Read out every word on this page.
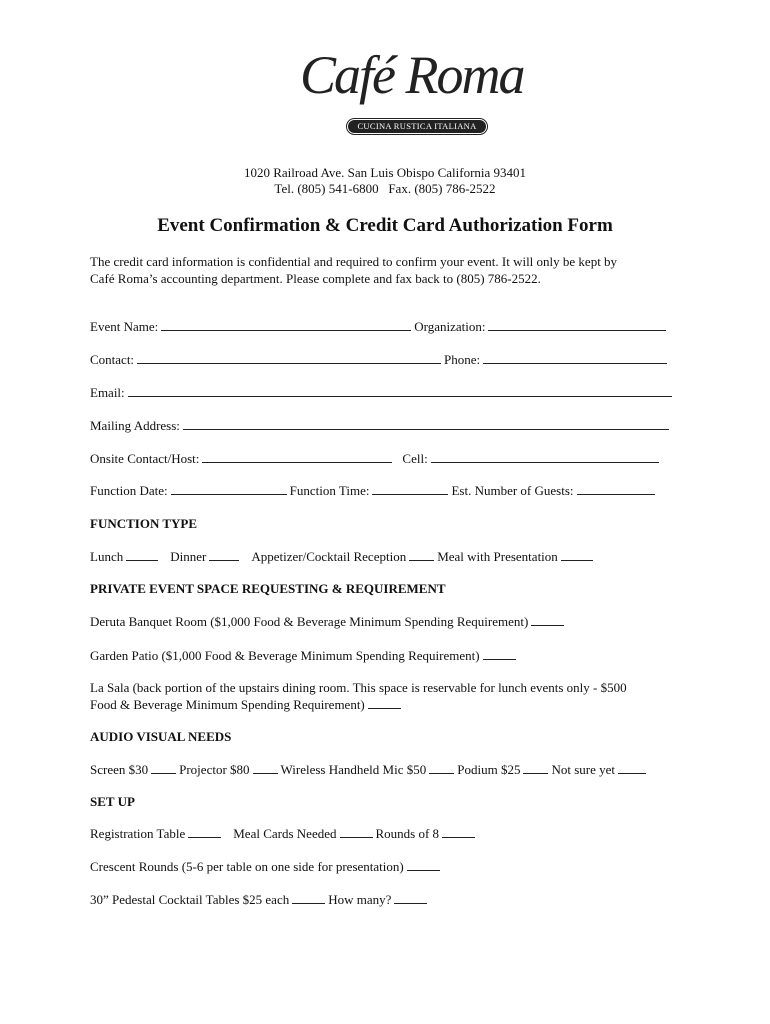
Café Roma
CUCINA RUSTICA ITALIANA
1020 Railroad Ave. San Luis Obispo California 93401
Tel. (805) 541-6800   Fax. (805) 786-2522
Event Confirmation & Credit Card Authorization Form
The credit card information is confidential and required to confirm your event. It will only be kept by
Café Roma’s accounting department. Please complete and fax back to (805) 786-2522.
Event Name:	Organization:
Contact:	Phone:
Email:
Mailing Address:
Onsite Contact/Host:	Cell:
Function Date:	Function Time:	Est. Number of Guests:
FUNCTION TYPE
Lunch	Dinner	Appetizer/Cocktail Reception Meal with Presentation
PRIVATE EVENT SPACE REQUESTING & REQUIREMENT
Deruta Banquet Room ($1,000 Food & Beverage Minimum Spending Requirement)
Garden Patio ($1,000 Food & Beverage Minimum Spending Requirement)
La Sala (back portion of the upstairs dining room. This space is reservable for lunch events only - $500
Food & Beverage Minimum Spending Requirement)
AUDIO VISUAL NEEDS
Screen $30 Projector $80 Wireless Handheld Mic $50 Podium $25 Not sure yet
SET UP
Registration Table	Meal Cards Needed	Rounds of 8
Crescent Rounds (5-6 per table on one side for presentation)
30” Pedestal Cocktail Tables $25 each	How many?
